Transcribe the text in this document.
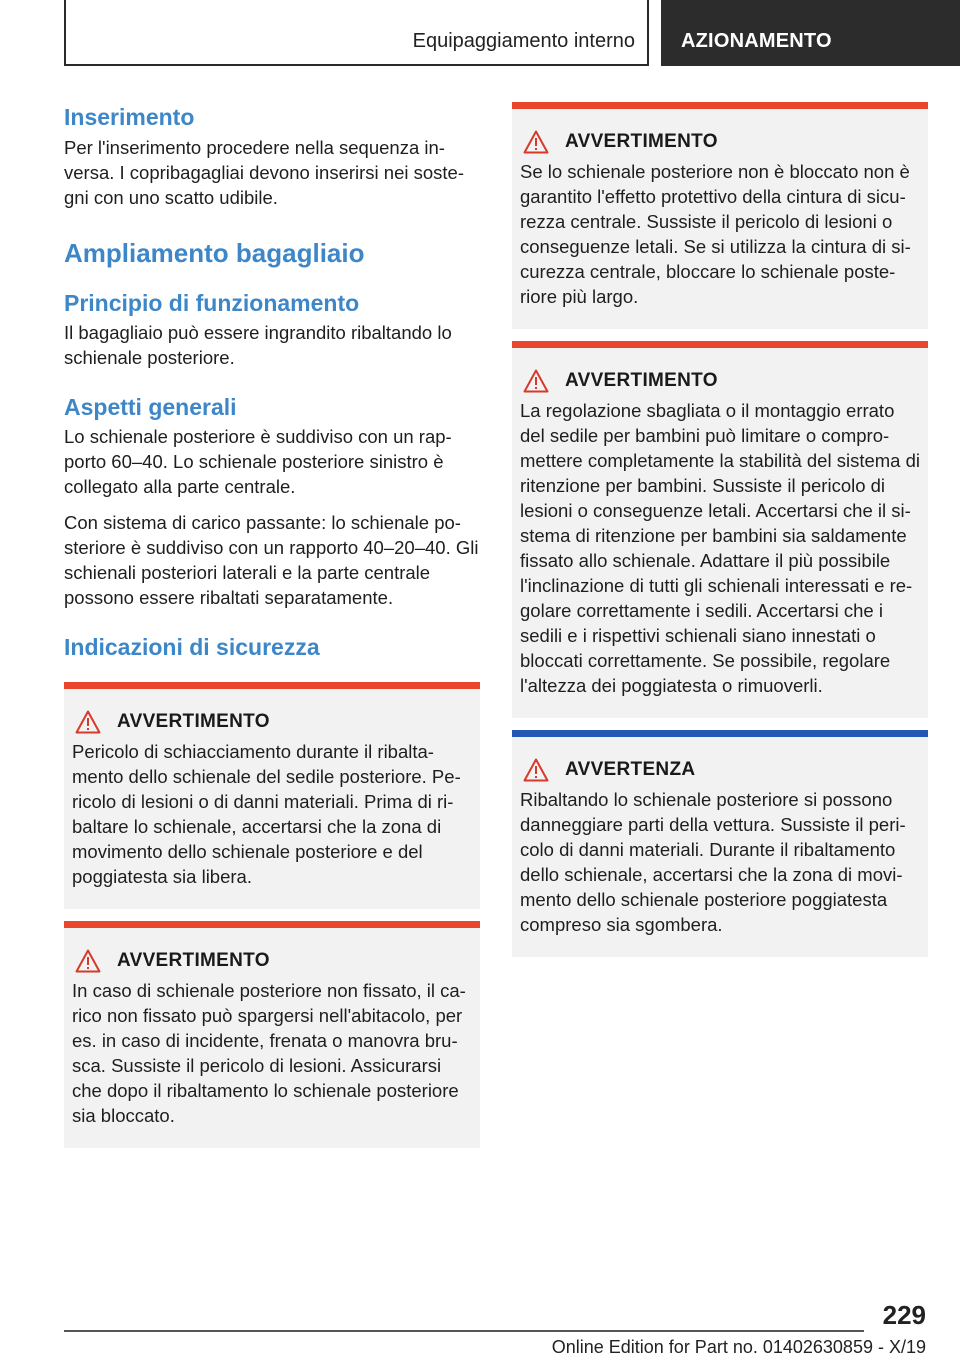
Equipaggiamento interno AZIONAMENTO
Inserimento
Per l'inserimento procedere nella sequenza in-versa. I copribagagliai devono inserirsi nei soste-gni con uno scatto udibile.
Ampliamento bagagliaio
Principio di funzionamento
Il bagagliaio può essere ingrandito ribaltando lo schienale posteriore.
Aspetti generali
Lo schienale posteriore è suddiviso con un rap-porto 60–40. Lo schienale posteriore sinistro è collegato alla parte centrale.
Con sistema di carico passante: lo schienale po-steriore è suddiviso con un rapporto 40–20–40. Gli schienali posteriori laterali e la parte centrale possono essere ribaltati separatamente.
Indicazioni di sicurezza
AVVERTIMENTO
Pericolo di schiacciamento durante il ribalta-mento dello schienale del sedile posteriore. Pe-ricolo di lesioni o di danni materiali. Prima di ri-baltare lo schienale, accertarsi che la zona di movimento dello schienale posteriore e del poggiatesta sia libera.
AVVERTIMENTO
In caso di schienale posteriore non fissato, il ca-rico non fissato può spargersi nell'abitacolo, per es. in caso di incidente, frenata o manovra bru-sca. Sussiste il pericolo di lesioni. Assicurarsi che dopo il ribaltamento lo schienale posteriore sia bloccato.
AVVERTIMENTO
Se lo schienale posteriore non è bloccato non è garantito l'effetto protettivo della cintura di sicu-rezza centrale. Sussiste il pericolo di lesioni o conseguenze letali. Se si utilizza la cintura di si-curezza centrale, bloccare lo schienale poste-riore più largo.
AVVERTIMENTO
La regolazione sbagliata o il montaggio errato del sedile per bambini può limitare o compro-mettere completamente la stabilità del sistema di ritenzione per bambini. Sussiste il pericolo di lesioni o conseguenze letali. Accertarsi che il si-stema di ritenzione per bambini sia saldamente fissato allo schienale. Adattare il più possibile l'inclinazione di tutti gli schienali interessati e re-golare correttamente i sedili. Accertarsi che i sedili e i rispettivi schienali siano innestati o bloccati correttamente. Se possibile, regolare l'altezza dei poggiatesta o rimuoverli.
AVVERTENZA
Ribaltando lo schienale posteriore si possono danneggiare parti della vettura. Sussiste il peri-colo di danni materiali. Durante il ribaltamento dello schienale, accertarsi che la zona di movi-mento dello schienale posteriore poggiatesta compreso sia sgombera.
229
Online Edition for Part no. 01402630859 - X/19
